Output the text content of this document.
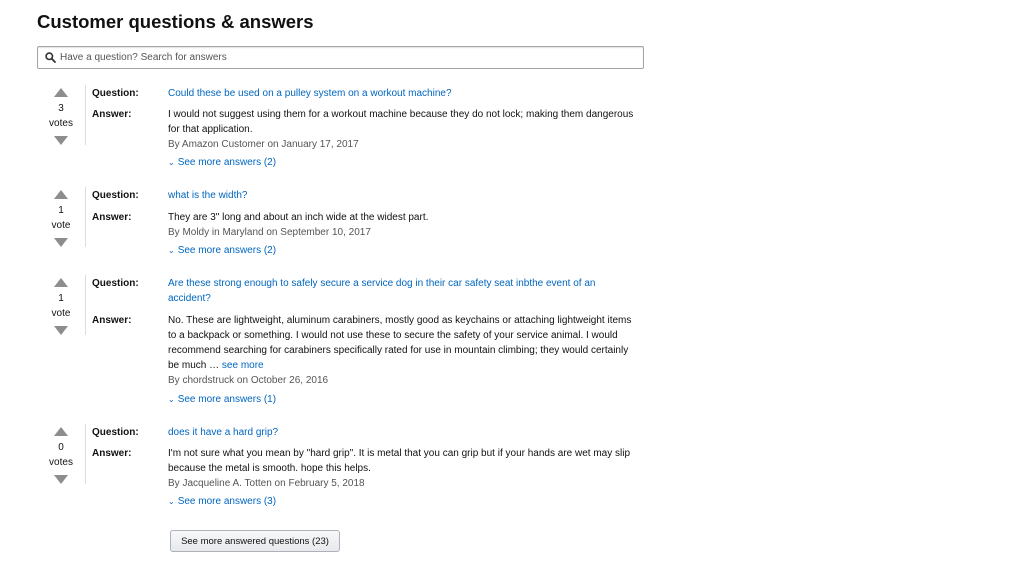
Customer questions & answers
Have a question? Search for answers
3
votes
Question:	Could these be used on a pulley system on a workout machine?
Answer:	I would not suggest using them for a workout machine because they do not lock; making them dangerous for that application.
By Amazon Customer on January 17, 2017
⌄ See more answers (2)
1
vote
Question:	what is the width?
Answer:	They are 3" long and about an inch wide at the widest part.
By Moldy in Maryland on September 10, 2017
⌄ See more answers (2)
1
vote
Question:	Are these strong enough to safely secure a service dog in their car safety seat inbthe event of an accident?
Answer:	No. These are lightweight, aluminum carabiners, mostly good as keychains or attaching lightweight items to a backpack or something. I would not use these to secure the safety of your service animal. I would recommend searching for carabiners specifically rated for use in mountain climbing; they would certainly be much … see more
By chordstruck on October 26, 2016
⌄ See more answers (1)
0
votes
Question:	does it have a hard grip?
Answer:	I'm not sure what you mean by "hard grip". It is metal that you can grip but if your hands are wet may slip because the metal is smooth. hope this helps.
By Jacqueline A. Totten on February 5, 2018
⌄ See more answers (3)
See more answered questions (23)
